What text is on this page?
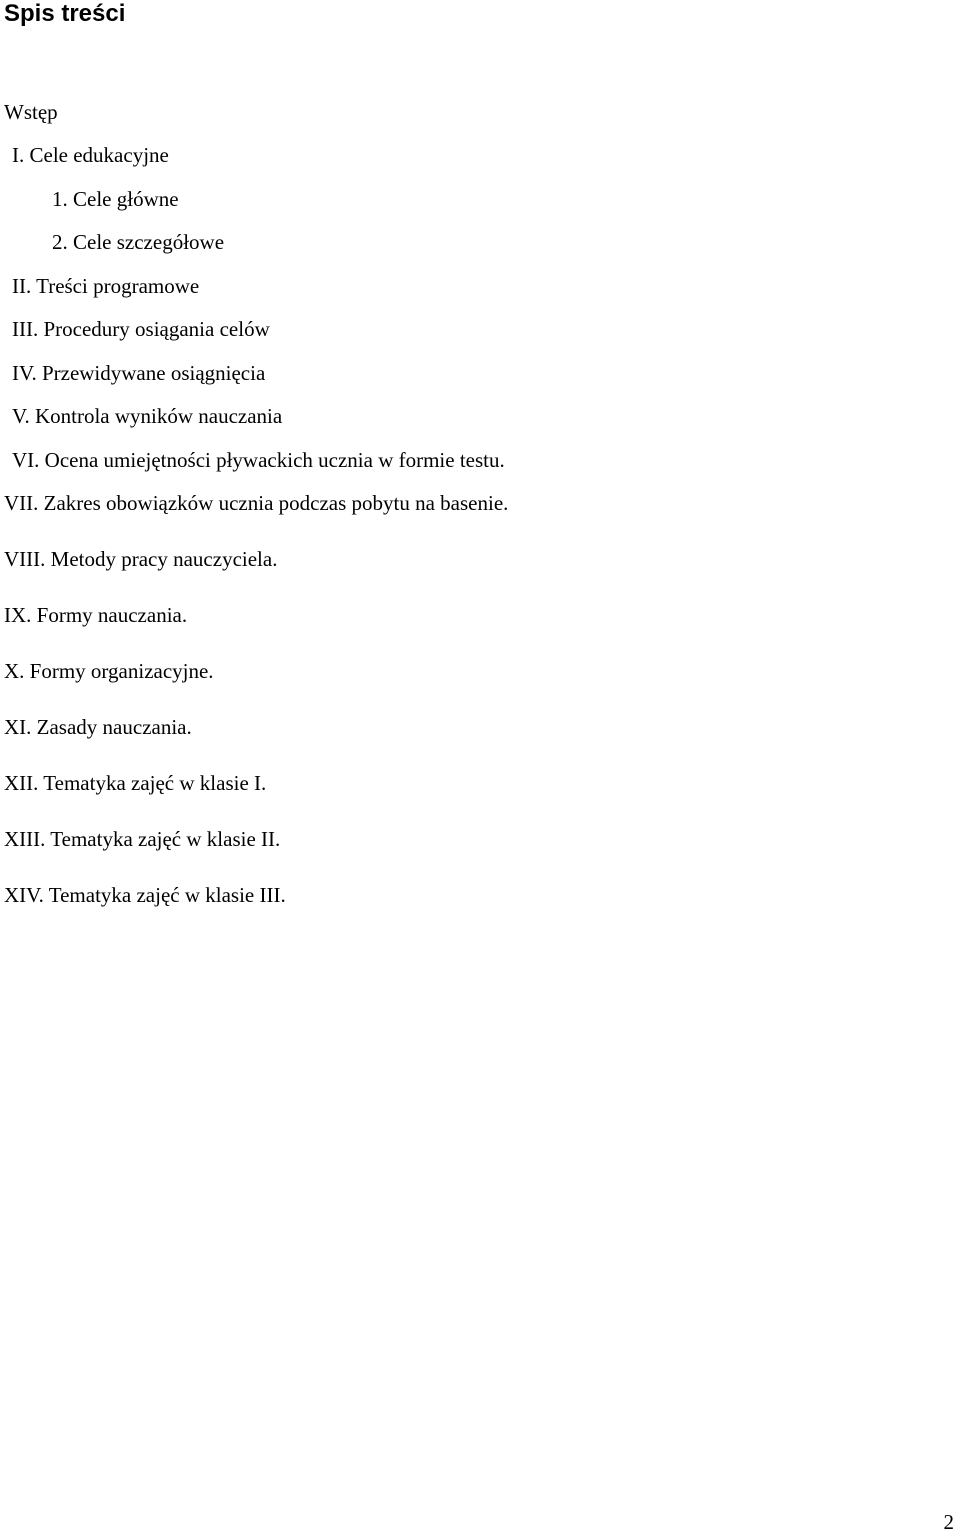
Spis treści
Wstęp
I. Cele edukacyjne
1. Cele główne
2. Cele szczegółowe
II. Treści programowe
III. Procedury osiągania celów
IV. Przewidywane osiągnięcia
V. Kontrola wyników nauczania
VI. Ocena umiejętności pływackich ucznia w formie testu.
VII. Zakres obowiązków ucznia podczas pobytu na basenie.
VIII. Metody pracy nauczyciela.
IX. Formy nauczania.
X. Formy organizacyjne.
XI. Zasady nauczania.
XII. Tematyka zajęć w klasie I.
XIII. Tematyka zajęć w klasie II.
XIV. Tematyka zajęć w klasie III.
2
